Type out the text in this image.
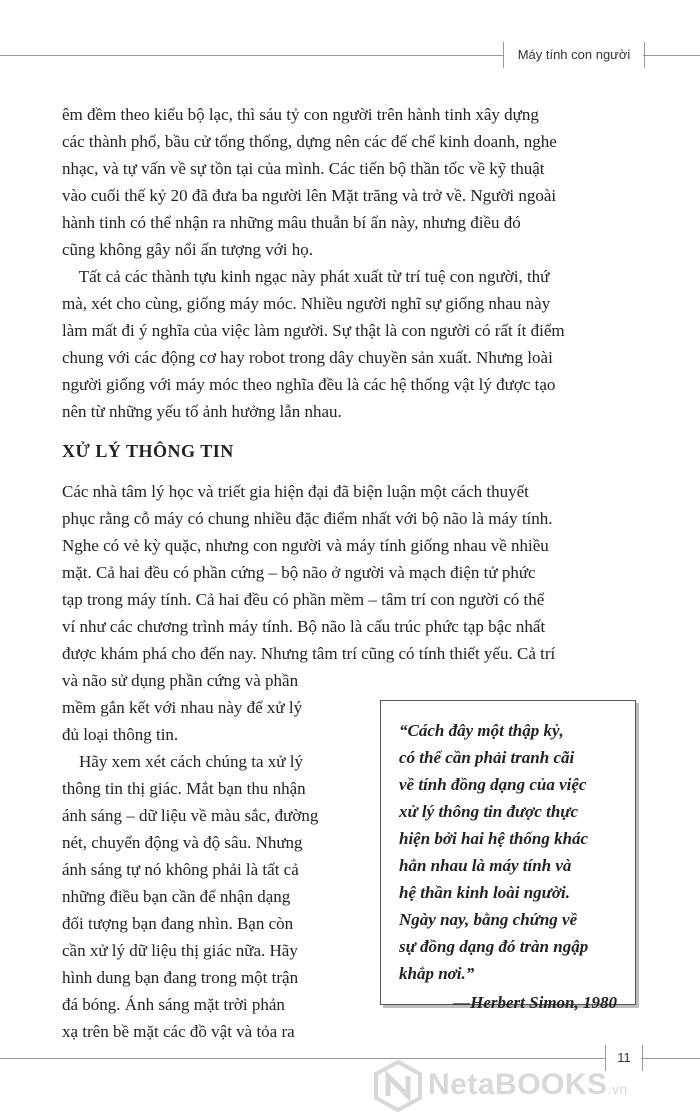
Máy tính con người
êm đềm theo kiểu bộ lạc, thì sáu tỷ con người trên hành tinh xây dựng
các thành phố, bầu cử tổng thống, dựng nên các đế chế kinh doanh, nghe
nhạc, và tự vấn về sự tồn tại của mình. Các tiến bộ thần tốc về kỹ thuật
vào cuối thế kỷ 20 đã đưa ba người lên Mặt trăng và trở về. Người ngoài
hành tinh có thể nhận ra những mâu thuẫn bí ẩn này, nhưng điều đó
cũng không gây nổi ấn tượng với họ.
Tất cả các thành tựu kinh ngạc này phát xuất từ trí tuệ con người, thứ
mà, xét cho cùng, giống máy móc. Nhiều người nghĩ sự giống nhau này
làm mất đi ý nghĩa của việc làm người. Sự thật là con người có rất ít điểm
chung với các động cơ hay robot trong dây chuyền sản xuất. Nhưng loài
người giống với máy móc theo nghĩa đều là các hệ thống vật lý được tạo
nên từ những yếu tố ảnh hưởng lẫn nhau.
XỬ LÝ THÔNG TIN
Các nhà tâm lý học và triết gia hiện đại đã biện luận một cách thuyết
phục rằng cỗ máy có chung nhiều đặc điểm nhất với bộ não là máy tính.
Nghe có vẻ kỳ quặc, nhưng con người và máy tính giống nhau về nhiều
mặt. Cả hai đều có phần cứng – bộ não ở người và mạch điện tử phức
tạp trong máy tính. Cả hai đều có phần mềm – tâm trí con người có thể
ví như các chương trình máy tính. Bộ não là cấu trúc phức tạp bậc nhất
được khám phá cho đến nay. Nhưng tâm trí cũng có tính thiết yếu. Cả trí
và não sử dụng phần cứng và phần
mềm gắn kết với nhau này để xử lý
đủ loại thông tin.
Hãy xem xét cách chúng ta xử lý
thông tin thị giác. Mắt bạn thu nhận
ánh sáng – dữ liệu về màu sắc, đường
nét, chuyển động và độ sâu. Nhưng
ánh sáng tự nó không phải là tất cả
những điều bạn cần để nhận dạng
đối tượng bạn đang nhìn. Bạn còn
cần xử lý dữ liệu thị giác nữa. Hãy
hình dung bạn đang trong một trận
đá bóng. Ánh sáng mặt trời phản
xạ trên bề mặt các đồ vật và tỏa ra
“Cách đây một thập kỷ,
có thể cần phải tranh cãi
về tính đồng dạng của việc
xử lý thông tin được thực
hiện bởi hai hệ thống khác
hẳn nhau là máy tính và
hệ thần kinh loài người.
Ngày nay, bằng chứng về
sự đồng dạng đó tràn ngập
khắp nơi.”
—Herbert Simon, 1980
11
NetaBOOKS.vn
